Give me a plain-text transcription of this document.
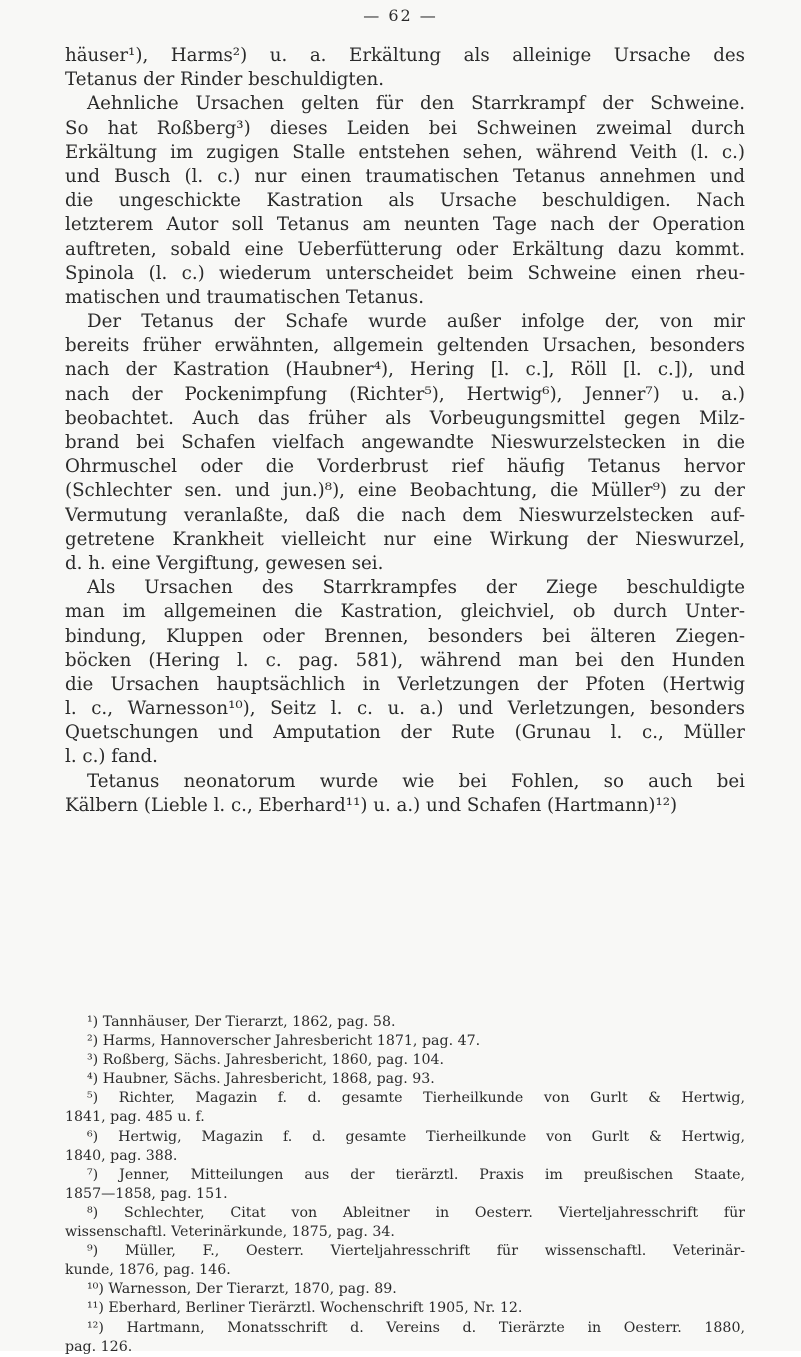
— 62 —
häuser¹), Harms²) u. a. Erkältung als alleinige Ursache des
Tetanus der Rinder beschuldigten.
Aehnliche Ursachen gelten für den Starrkrampf der Schweine.
So hat Roßberg³) dieses Leiden bei Schweinen zweimal durch
Erkältung im zugigen Stalle entstehen sehen, während Veith (l. c.)
und Busch (l. c.) nur einen traumatischen Tetanus annehmen und
die ungeschickte Kastration als Ursache beschuldigen. Nach
letzterem Autor soll Tetanus am neunten Tage nach der Operation
auftreten, sobald eine Ueberfütterung oder Erkältung dazu kommt.
Spinola (l. c.) wiederum unterscheidet beim Schweine einen rheu-
matischen und traumatischen Tetanus.
Der Tetanus der Schafe wurde außer infolge der, von mir
bereits früher erwähnten, allgemein geltenden Ursachen, besonders
nach der Kastration (Haubner⁴), Hering [l. c.], Röll [l. c.]), und
nach der Pockenimpfung (Richter⁵), Hertwig⁶), Jenner⁷) u. a.)
beobachtet. Auch das früher als Vorbeugungsmittel gegen Milz-
brand bei Schafen vielfach angewandte Nieswurzelstecken in die
Ohrmuschel oder die Vorderbrust rief häufig Tetanus hervor
(Schlechter sen. und jun.)⁸), eine Beobachtung, die Müller⁹) zu der
Vermutung veranlaßte, daß die nach dem Nieswurzelstecken auf-
getretene Krankheit vielleicht nur eine Wirkung der Nieswurzel,
d. h. eine Vergiftung, gewesen sei.
Als Ursachen des Starrkrampfes der Ziege beschuldigte
man im allgemeinen die Kastration, gleichviel, ob durch Unter-
bindung, Kluppen oder Brennen, besonders bei älteren Ziegen-
böcken (Hering l. c. pag. 581), während man bei den Hunden
die Ursachen hauptsächlich in Verletzungen der Pfoten (Hertwig
l. c., Warnesson¹⁰), Seitz l. c. u. a.) und Verletzungen, besonders
Quetschungen und Amputation der Rute (Grunau l. c., Müller
l. c.) fand.
Tetanus neonatorum wurde wie bei Fohlen, so auch bei
Kälbern (Lieble l. c., Eberhard¹¹) u. a.) und Schafen (Hartmann)¹²)
¹) Tannhäuser, Der Tierarzt, 1862, pag. 58.
²) Harms, Hannoverscher Jahresbericht 1871, pag. 47.
³) Roßberg, Sächs. Jahresbericht, 1860, pag. 104.
⁴) Haubner, Sächs. Jahresbericht, 1868, pag. 93.
⁵) Richter, Magazin f. d. gesamte Tierheilkunde von Gurlt & Hertwig,
1841, pag. 485 u. f.
⁶) Hertwig, Magazin f. d. gesamte Tierheilkunde von Gurlt & Hertwig,
1840, pag. 388.
⁷) Jenner, Mitteilungen aus der tierärztl. Praxis im preußischen Staate,
1857—1858, pag. 151.
⁸) Schlechter, Citat von Ableitner in Oesterr. Vierteljahresschrift für
wissenschaftl. Veterinärkunde, 1875, pag. 34.
⁹) Müller, F., Oesterr. Vierteljahresschrift für wissenschaftl. Veterinär-
kunde, 1876, pag. 146.
¹⁰) Warnesson, Der Tierarzt, 1870, pag. 89.
¹¹) Eberhard, Berliner Tierärztl. Wochenschrift 1905, Nr. 12.
¹²) Hartmann, Monatsschrift d. Vereins d. Tierärzte in Oesterr. 1880,
pag. 126.
